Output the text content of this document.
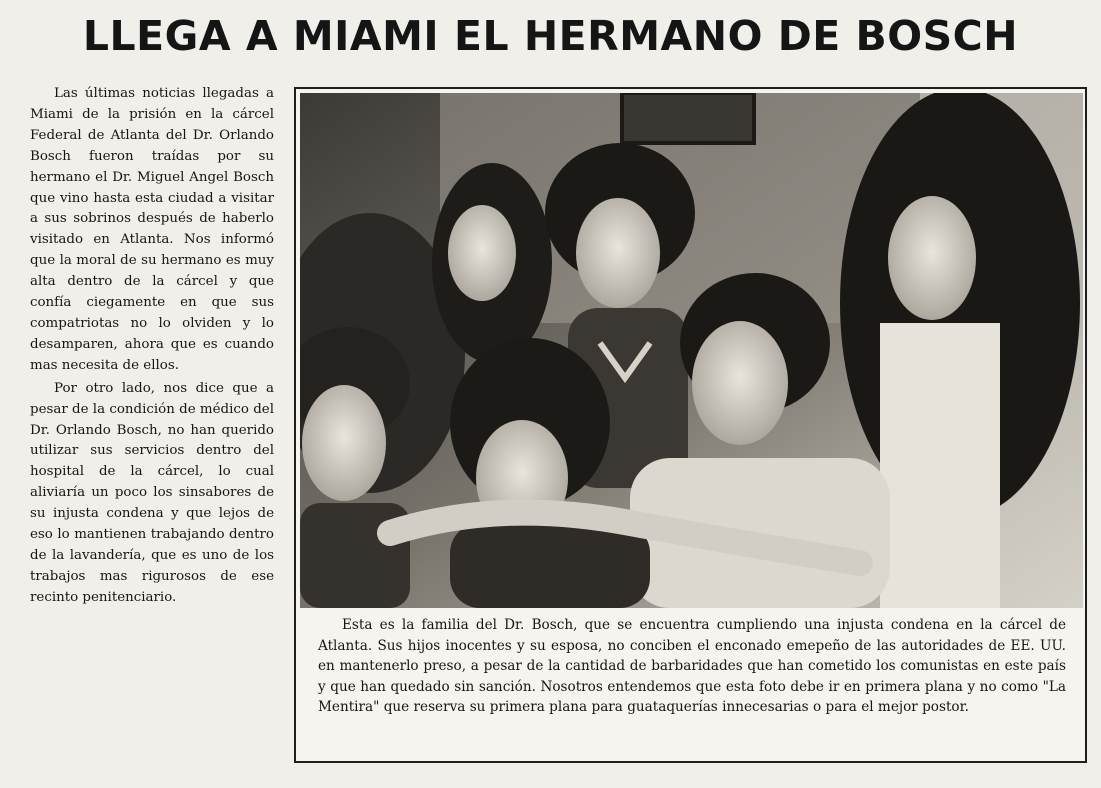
LLEGA A MIAMI EL HERMANO DE BOSCH

Las últimas noticias llegadas a Miami de la prisión en la cárcel Federal de Atlanta del Dr. Orlando Bosch fueron traídas por su hermano el Dr. Miguel Angel Bosch que vino hasta esta ciudad a visitar a sus sobrinos después de haberlo visitado en Atlanta. Nos informó que la moral de su hermano es muy alta dentro de la cárcel y que confía ciegamente en que sus compatriotas no lo olviden y lo desamparen, ahora que es cuando mas necesita de ellos.

Por otro lado, nos dice que a pesar de la condición de médico del Dr. Orlando Bosch, no han querido utilizar sus servicios dentro del hospital de la cárcel, lo cual aliviaría un poco los sinsabores de su injusta condena y que lejos de eso lo mantienen trabajando dentro de la lavandería, que es uno de los trabajos mas rigurosos de ese recinto penitenciario.

Esta es la familia del Dr. Bosch, que se encuentra cumpliendo una injusta condena en la cárcel de Atlanta. Sus hijos inocentes y su esposa, no conciben el enconado emepeño de las autoridades de EE. UU. en mantenerlo preso, a pesar de la cantidad de barbaridades que han cometido los comunistas en este país y que han quedado sin sanción. Nosotros entendemos que esta foto debe ir en primera plana y no como "La Mentira" que reserva su primera plana para guataquerías innecesarias o para el mejor postor.
